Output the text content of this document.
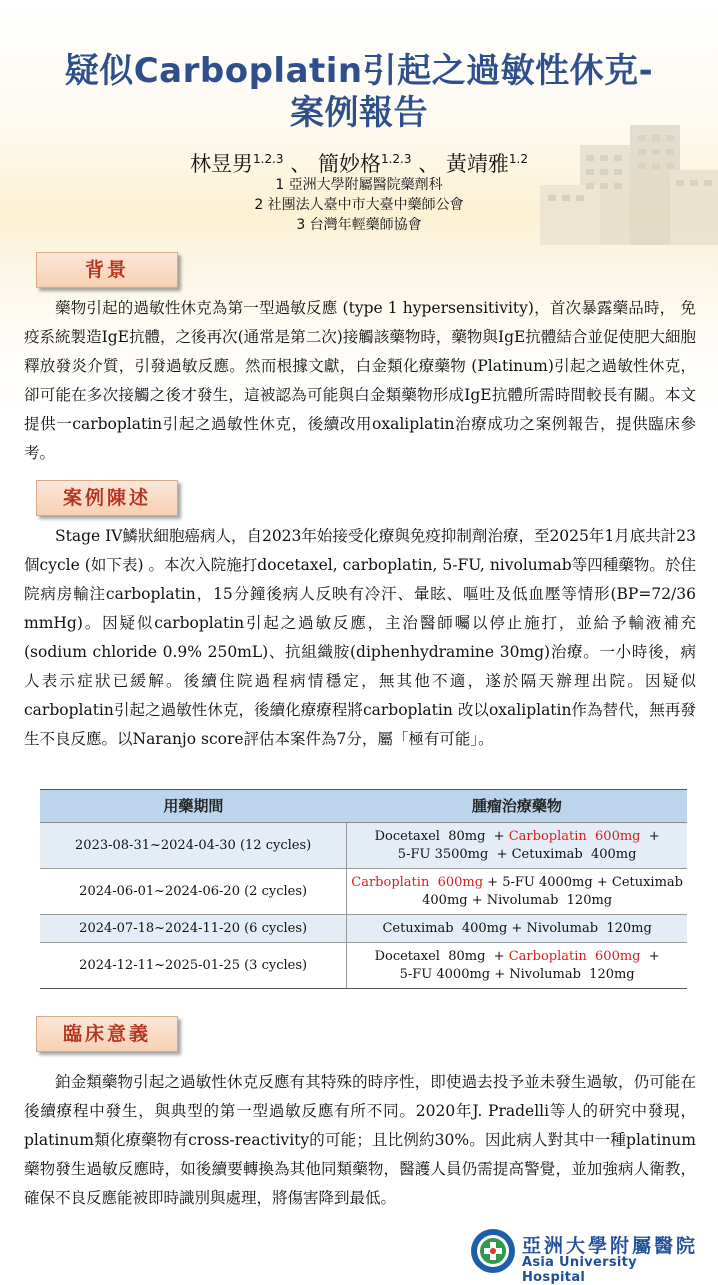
疑似Carboplatin引起之過敏性休克-
案例報告
林昱男$^{1.2.3}$ 、 簡妙格$^{1.2.3}$ 、 黃靖雅$^{1.2}$
1 亞洲大學附屬醫院藥劑科
2 社團法人臺中市大臺中藥師公會
3 台灣年輕藥師協會
背景
藥物引起的過敏性休克為第一型過敏反應 (type 1 hypersensitivity)，首次暴露藥品時， 免疫系統製造IgE抗體，之後再次(通常是第二次)接觸該藥物時，藥物與IgE抗體結合並促使肥大細胞釋放發炎介質，引發過敏反應。然而根據文獻，白金類化療藥物 (Platinum)引起之過敏性休克， 卻可能在多次接觸之後才發生，這被認為可能與白金類藥物形成IgE抗體所需時間較長有關。本文提供一carboplatin引起之過敏性休克，後續改用oxaliplatin治療成功之案例報告，提供臨床參考。
案例陳述
Stage IV鱗狀細胞癌病人，自2023年始接受化療與免疫抑制劑治療，至2025年1月底共計23個cycle (如下表) 。本次入院施打docetaxel, carboplatin, 5-FU, nivolumab等四種藥物。於住院病房輸注carboplatin，15分鐘後病人反映有冷汗、暈眩、嘔吐及低血壓等情形(BP=72/36 mmHg)。因疑似carboplatin引起之過敏反應，主治醫師囑以停止施打，並給予輸液補充(sodium chloride 0.9% 250mL)、抗組織胺(diphenhydramine 30mg)治療。一小時後，病人表示症狀已緩解。後續住院過程病情穩定，無其他不適，遂於隔天辦理出院。因疑似carboplatin引起之過敏性休克，後續化療療程將carboplatin 改以oxaliplatin作為替代，無再發生不良反應。以Naranjo score評估本案件為7分，屬「極有可能」。
用藥期間	腫瘤治療藥物
2023-08-31~2024-04-30 (12 cycles)	Docetaxel  80mg  + Carboplatin  600mg  +
5-FU 3500mg  + Cetuximab  400mg

2024-06-01~2024-06-20 (2 cycles)	Carboplatin  600mg + 5-FU 4000mg + Cetuximab
400mg + Nivolumab  120mg

2024-07-18~2024-11-20 (6 cycles)	Cetuximab  400mg + Nivolumab  120mg

2024-12-11~2025-01-25 (3 cycles)	Docetaxel  80mg  + Carboplatin  600mg  +
5-FU 4000mg + Nivolumab  120mg
臨床意義
鉑金類藥物引起之過敏性休克反應有其特殊的時序性，即使過去投予並未發生過敏，仍可能在後續療程中發生，與典型的第一型過敏反應有所不同。2020年J. Pradelli等人的研究中發現，platinum類化療藥物有cross-reactivity的可能；且比例約30%。因此病人對其中一種platinum藥物發生過敏反應時，如後續要轉換為其他同類藥物，醫護人員仍需提高警覺，並加強病人衛教，確保不良反應能被即時識別與處理，將傷害降到最低。
亞洲大學附屬醫院
Asia University Hospital
